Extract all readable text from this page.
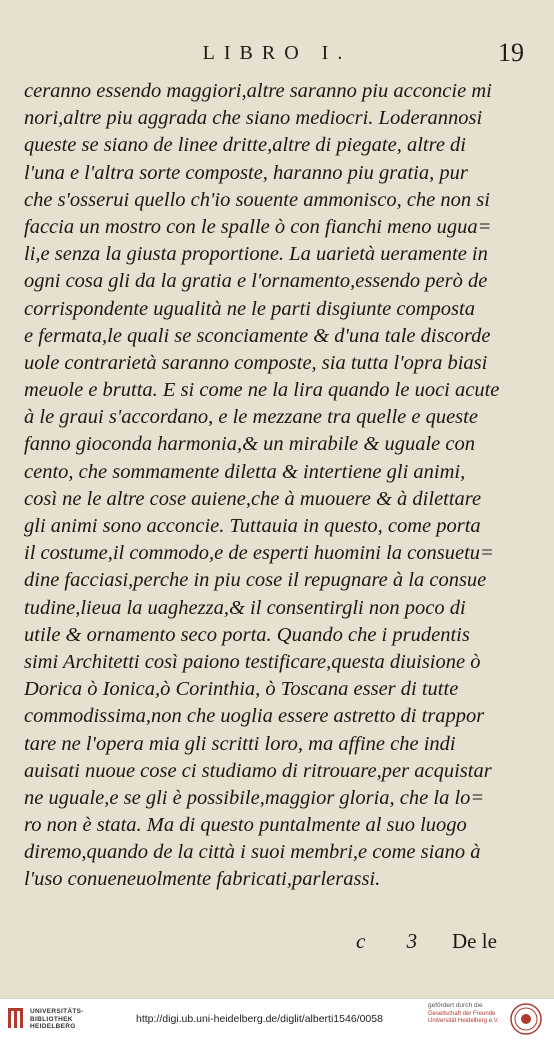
LIBRO I.	19
ceranno essendo maggiori,altre saranno piu acconcie mi
nori,altre piu aggrada che siano mediocri. Loderannosi
queste se siano de linee dritte,altre di piegate, altre di
l'una e l'altra sorte composte, haranno piu gratia, pur
che s'osserui quello ch'io souente ammonisco, che non si
faccia un mostro con le spalle ò con fianchi meno ugua=
li,e senza la giusta proportione. La uarietà ueramente in
ogni cosa gli da la gratia e l'ornamento,essendo però de
corrispondente ugualità ne le parti disgiunte composta
e fermata,le quali se sconciamente & d'una tale discorde
uole contrarietà saranno composte, sia tutta l'opra biasi
meuole e brutta. E si come ne la lira quando le uoci acute
à le graui s'accordano, e le mezzane tra quelle e queste
fanno gioconda harmonia,& un mirabile & uguale con
cento, che sommamente diletta & intertiene gli animi,
così ne le altre cose auiene,che à muouere & à dilettare
gli animi sono acconcie. Tuttauia in questo, come porta
il costume,il commodo,e de esperti huomini la consuetu=
dine facciasi,perche in piu cose il repugnare à la consue
tudine,lieua la uaghezza,& il consentirgli non poco di
utile & ornamento seco porta. Quando che i prudentis
simi Architetti così paiono testificare,questa diuisione ò
Dorica ò Ionica,ò Corinthia, ò Toscana esser di tutte
commodissima,non che uoglia essere astretto di trappor
tare ne l'opera mia gli scritti loro, ma affine che indi
auisati nuoue cose ci studiamo di ritrouare,per acquistar
ne uguale,e se gli è possibile,maggior gloria, che la lo=
ro non è stata. Ma di questo puntalmente al suo luogo
diremo,quando de la città i suoi membri,e come siano à
l'uso conueneuolmente fabricati,parlerassi.
c 3 De le
UNIVERSITÄTS-
BIBLIOTHEK
HEIDELBERG
http://digi.ub.uni-heidelberg.de/diglit/alberti1546/0058
gefördert durch die
Gesellschaft der Freunde
Universität Heidelberg e.V.
